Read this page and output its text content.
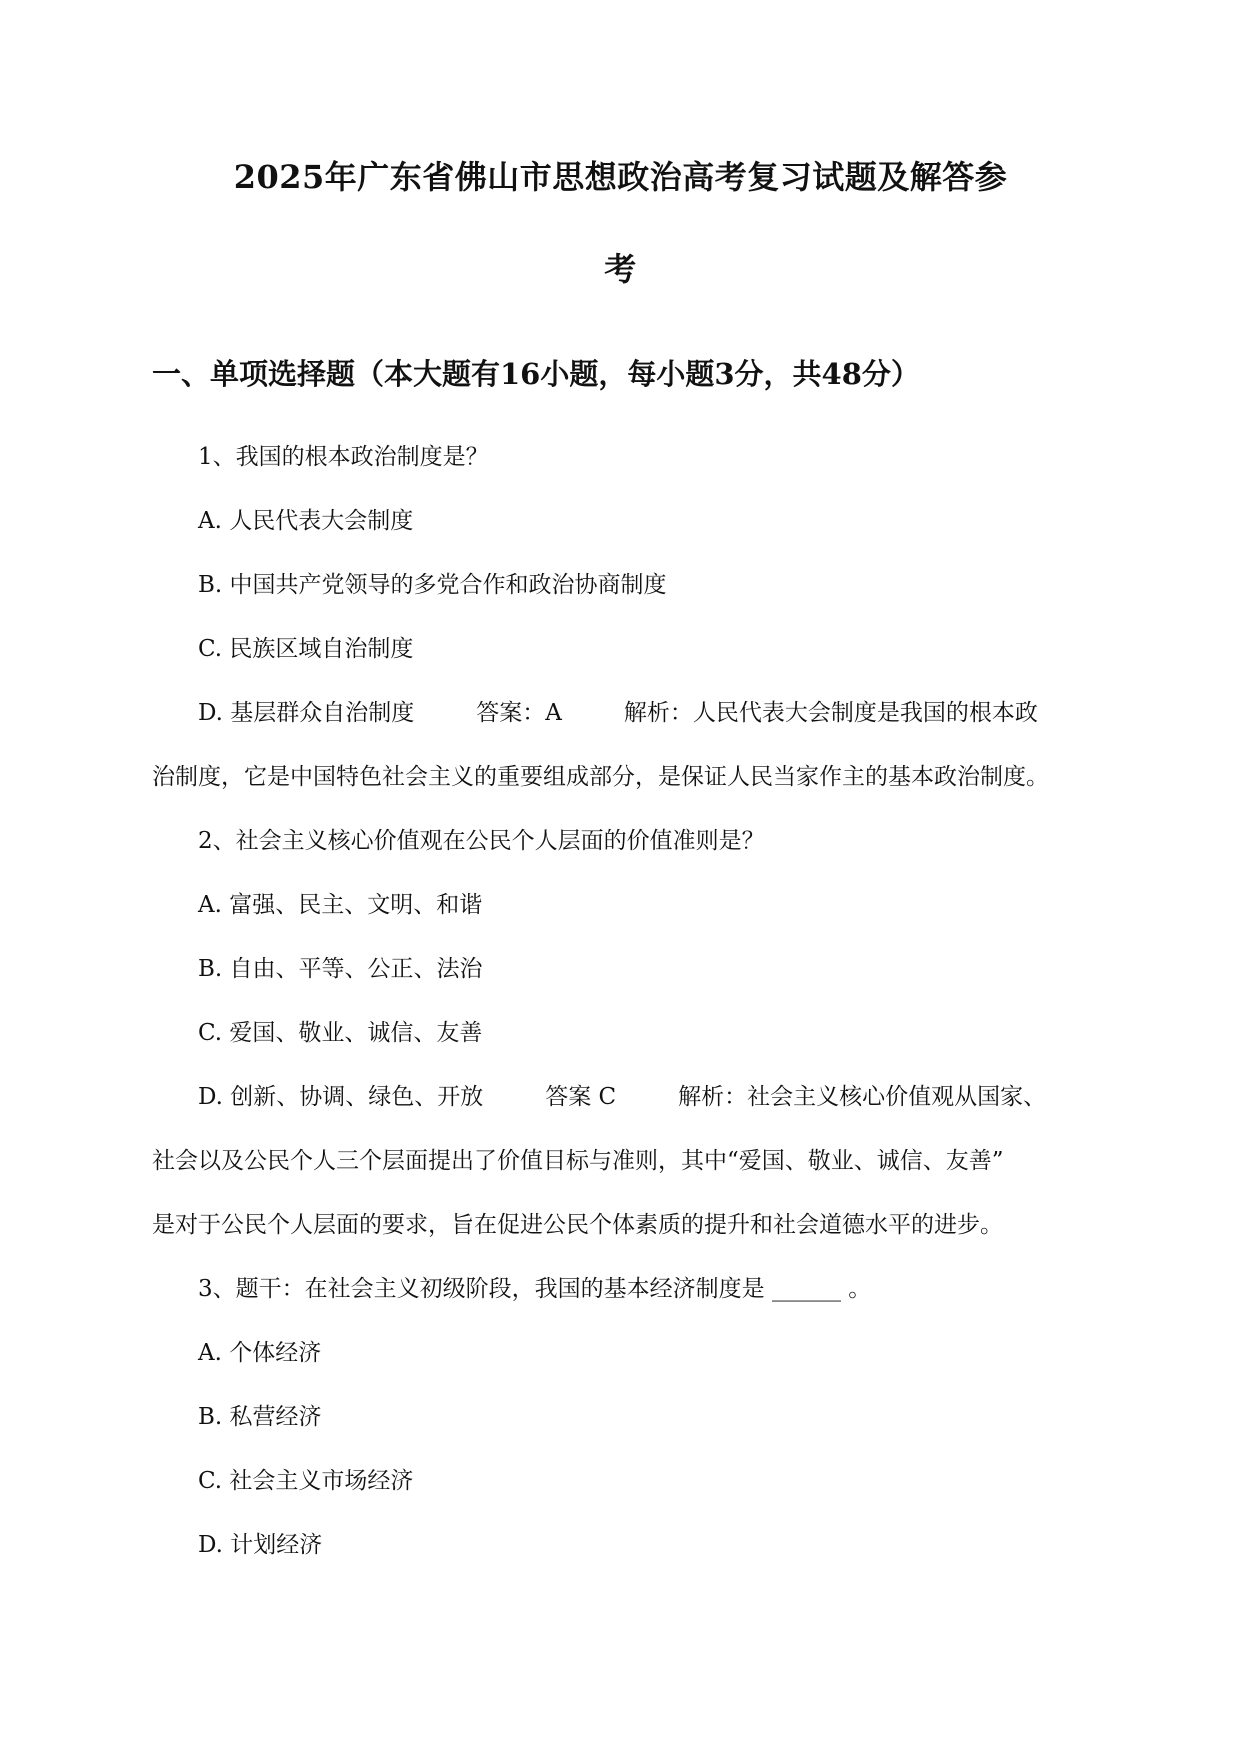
2025年广东省佛山市思想政治高考复习试题及解答参
考
一、单项选择题（本大题有16小题，每小题3分，共48分）

1、我国的根本政治制度是？

A. 人民代表大会制度

B. 中国共产党领导的多党合作和政治协商制度

C. 民族区域自治制度

D. 基层群众自治制度	答案：A	解析：人民代表大会制度是我国的根本政

治制度，它是中国特色社会主义的重要组成部分，是保证人民当家作主的基本政治制度。

2、社会主义核心价值观在公民个人层面的价值准则是？

A. 富强、民主、文明、和谐

B. 自由、平等、公正、法治

C. 爱国、敬业、诚信、友善

D. 创新、协调、绿色、开放	答案 C	解析：社会主义核心价值观从国家、

社会以及公民个人三个层面提出了价值目标与准则，其中“爱国、敬业、诚信、友善”

是对于公民个人层面的要求，旨在促进公民个体素质的提升和社会道德水平的进步。

3、题干：在社会主义初级阶段，我国的基本经济制度是 ______ 。

A. 个体经济

B. 私营经济

C. 社会主义市场经济

D. 计划经济
